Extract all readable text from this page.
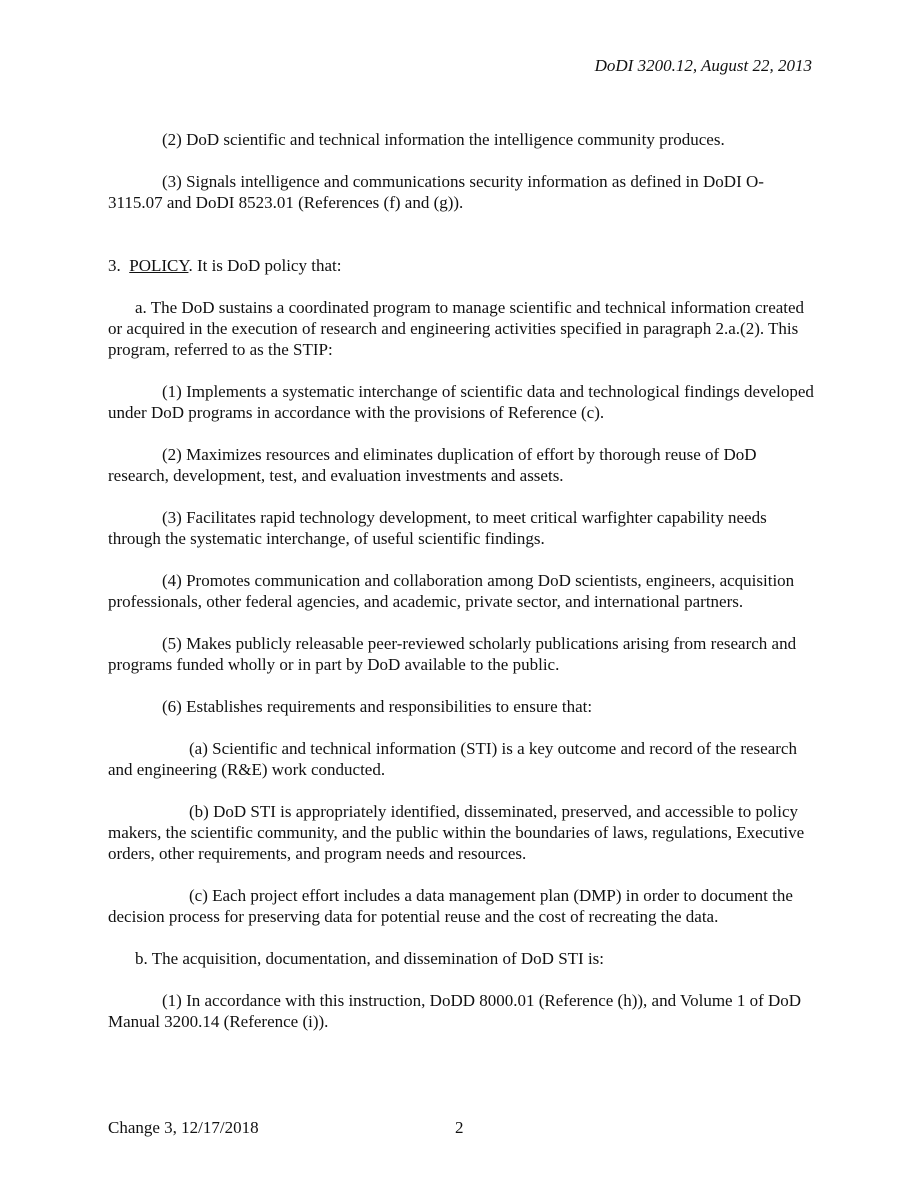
DoDI 3200.12, August 22, 2013

(2) DoD scientific and technical information the intelligence community produces.

(3) Signals intelligence and communications security information as defined in DoDI O-3115.07 and DoDI 8523.01 (References (f) and (g)).

3. POLICY. It is DoD policy that:

a. The DoD sustains a coordinated program to manage scientific and technical information created or acquired in the execution of research and engineering activities specified in paragraph 2.a.(2). This program, referred to as the STIP:

(1) Implements a systematic interchange of scientific data and technological findings developed under DoD programs in accordance with the provisions of Reference (c).

(2) Maximizes resources and eliminates duplication of effort by thorough reuse of DoD research, development, test, and evaluation investments and assets.

(3) Facilitates rapid technology development, to meet critical warfighter capability needs through the systematic interchange, of useful scientific findings.

(4) Promotes communication and collaboration among DoD scientists, engineers, acquisition professionals, other federal agencies, and academic, private sector, and international partners.

(5) Makes publicly releasable peer-reviewed scholarly publications arising from research and programs funded wholly or in part by DoD available to the public.

(6) Establishes requirements and responsibilities to ensure that:

(a) Scientific and technical information (STI) is a key outcome and record of the research and engineering (R&E) work conducted.

(b) DoD STI is appropriately identified, disseminated, preserved, and accessible to policy makers, the scientific community, and the public within the boundaries of laws, regulations, Executive orders, other requirements, and program needs and resources.

(c) Each project effort includes a data management plan (DMP) in order to document the decision process for preserving data for potential reuse and the cost of recreating the data.

b. The acquisition, documentation, and dissemination of DoD STI is:

(1) In accordance with this instruction, DoDD 8000.01 (Reference (h)), and Volume 1 of DoD Manual 3200.14 (Reference (i)).

Change 3, 12/17/2018	2
